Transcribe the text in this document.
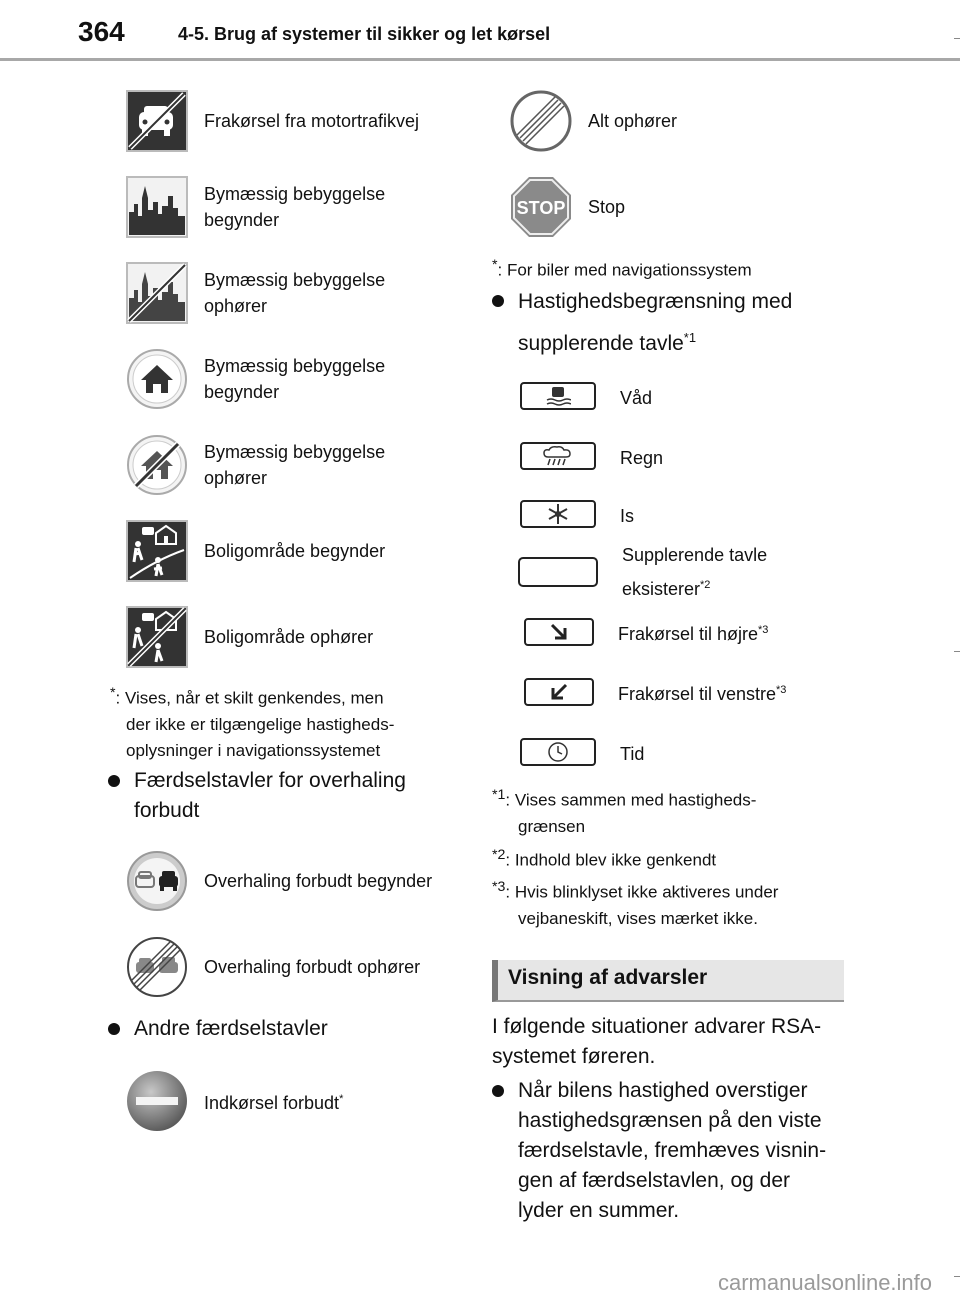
364	4-5. Brug af systemer til sikker og let kørsel
Frakørsel fra motortrafikvej
Bymæssig bebyggelse
begynder
Bymæssig bebyggelse
ophører
Bymæssig bebyggelse
begynder
Bymæssig bebyggelse
ophører
Boligområde begynder
Boligområde ophører
*: Vises, når et skilt genkendes, men
der ikke er tilgængelige hastigheds-
oplysninger i navigationssystemet
Færdselstavler for overhaling
forbudt
Overhaling forbudt begynder
Overhaling forbudt ophører
Andre færdselstavler
Indkørsel forbudt*
Alt ophører
STOP Stop
*: For biler med navigationssystem
Hastighedsbegrænsning med
supplerende tavle$^{*1}$
Våd
Regn
Is
Supplerende tavle
eksisterer$^{*2}$
Frakørsel til højre$^{*3}$
Frakørsel til venstre$^{*3}$
Tid
$^{*1}$: Vises sammen med hastigheds-
grænsen
$^{*2}$: Indhold blev ikke genkendt
$^{*3}$: Hvis blinklyset ikke aktiveres under
vejbaneskift, vises mærket ikke.
Visning af advarsler
I følgende situationer advarer RSA-
systemet føreren.
Når bilens hastighed overstiger
hastighedsgrænsen på den viste
færdselstavle, fremhæves visnin-
gen af færdselstavlen, og der
lyder en summer.
carmanualsonline.info
